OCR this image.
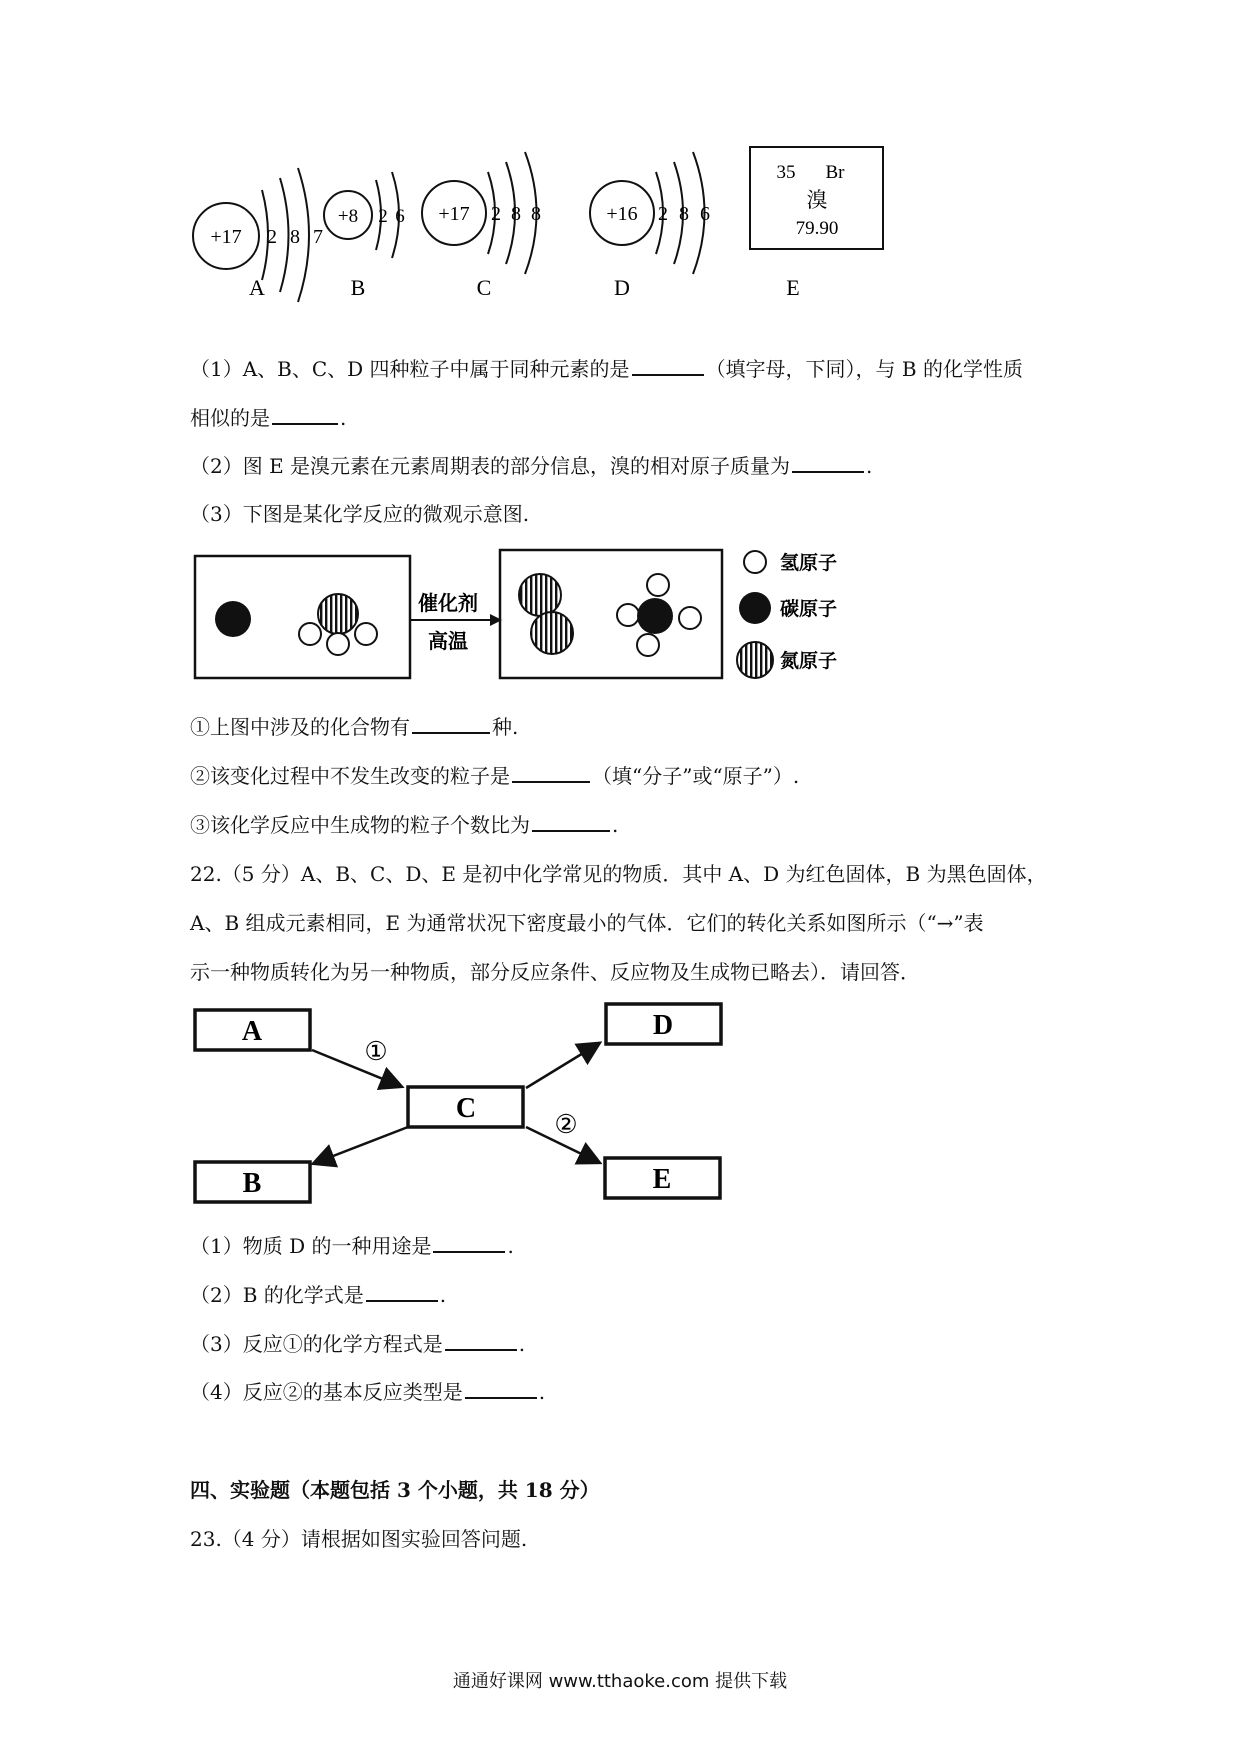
+17 2 8 7
A
+8 2 6
B
+17 2 8 8
C
+16 2 8 6
D
35 Br
溴
79.90
E
（1）A、B、C、D 四种粒子中属于同种元素的是	（填字母，下同），与 B 的化学性质
相似的是	.
（2）图 E 是溴元素在元素周期表的部分信息，溴的相对原子质量为	.
（3）下图是某化学反应的微观示意图.
催化剂
高温
氢原子
碳原子
氮原子
①上图中涉及的化合物有	种.
②该变化过程中不发生改变的粒子是	（填“分子”或“原子”）.
③该化学反应中生成物的粒子个数比为	.
22.（5 分）A、B、C、D、E 是初中化学常见的物质．其中 A、D 为红色固体，B 为黑色固体，
A、B 组成元素相同，E 为通常状况下密度最小的气体．它们的转化关系如图所示（“→”表
示一种物质转化为另一种物质，部分反应条件、反应物及生成物已略去）．请回答．
A
B
C
D
E
①
②
（1）物质 D 的一种用途是	.
（2）B 的化学式是	.
（3）反应①的化学方程式是	.
（4）反应②的基本反应类型是	.
四、实验题（本题包括 3 个小题，共 18 分）
23.（4 分）请根据如图实验回答问题.
通通好课网 www.tthaoke.com 提供下载
